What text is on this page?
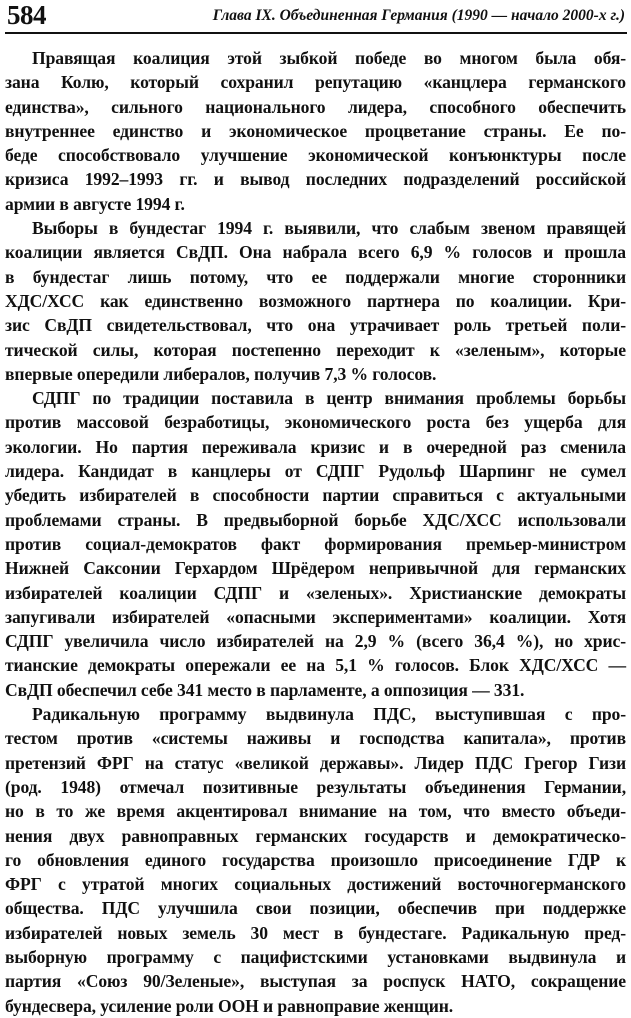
584	Глава IX. Объединенная Германия (1990 — начало 2000-х г.)
Правящая коалиция этой зыбкой победе во многом была обя-
зана Колю, который сохранил репутацию «канцлера германского
единства», сильного национального лидера, способного обеспечить
внутреннее единство и экономическое процветание страны. Ее по-
беде способствовало улучшение экономической конъюнктуры после
кризиса 1992–1993 гг. и вывод последних подразделений российской
армии в августе 1994 г.
Выборы в бундестаг 1994 г. выявили, что слабым звеном правящей
коалиции является СвДП. Она набрала всего 6,9 % голосов и прошла
в бундестаг лишь потому, что ее поддержали многие сторонники
ХДС/ХСС как единственно возможного партнера по коалиции. Кри-
зис СвДП свидетельствовал, что она утрачивает роль третьей поли-
тической силы, которая постепенно переходит к «зеленым», которые
впервые опередили либералов, получив 7,3 % голосов.
СДПГ по традиции поставила в центр внимания проблемы борьбы
против массовой безработицы, экономического роста без ущерба для
экологии. Но партия переживала кризис и в очередной раз сменила
лидера. Кандидат в канцлеры от СДПГ Рудольф Шарпинг не сумел
убедить избирателей в способности партии справиться с актуальными
проблемами страны. В предвыборной борьбе ХДС/ХСС использовали
против социал-демократов факт формирования премьер-министром
Нижней Саксонии Герхардом Шрёдером непривычной для германских
избирателей коалиции СДПГ и «зеленых». Христианские демократы
запугивали избирателей «опасными экспериментами» коалиции. Хотя
СДПГ увеличила число избирателей на 2,9 % (всего 36,4 %), но хрис-
тианские демократы опережали ее на 5,1 % голосов. Блок ХДС/ХСС —
СвДП обеспечил себе 341 место в парламенте, а оппозиция — 331.
Радикальную программу выдвинула ПДС, выступившая с про-
тестом против «системы наживы и господства капитала», против
претензий ФРГ на статус «великой державы». Лидер ПДС Грегор Гизи
(род. 1948) отмечал позитивные результаты объединения Германии,
но в то же время акцентировал внимание на том, что вместо объеди-
нения двух равноправных германских государств и демократическо-
го обновления единого государства произошло присоединение ГДР к
ФРГ с утратой многих социальных достижений восточногерманского
общества. ПДС улучшила свои позиции, обеспечив при поддержке
избирателей новых земель 30 мест в бундестаге. Радикальную пред-
выборную программу с пацифистскими установками выдвинула и
партия «Союз 90/Зеленые», выступая за роспуск НАТО, сокращение
бундесвера, усиление роли ООН и равноправие женщин.
